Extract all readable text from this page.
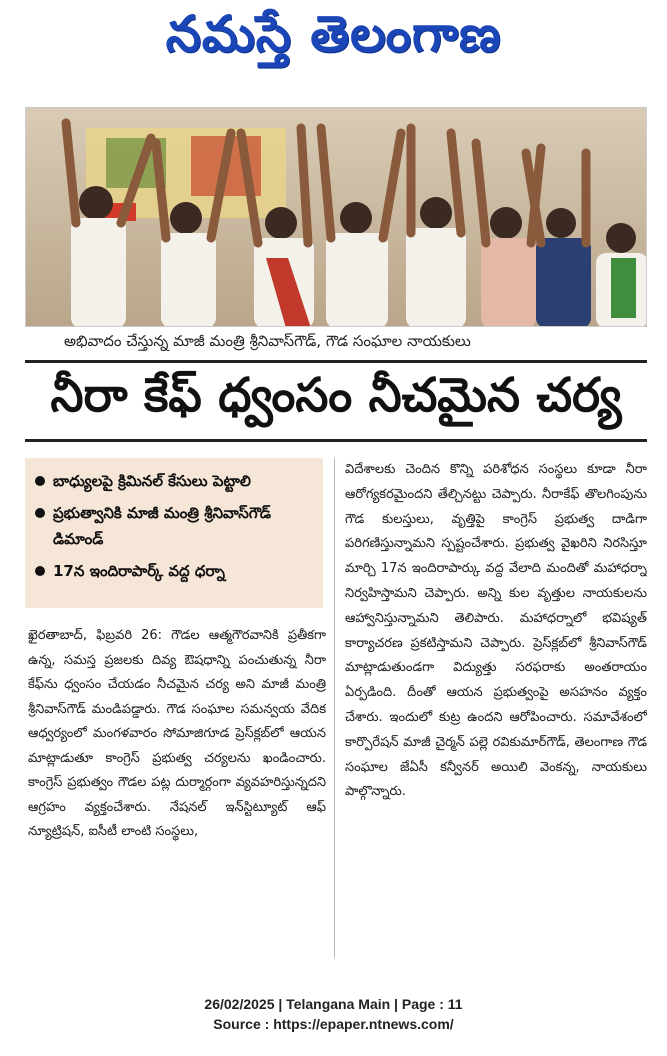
నమస్తే తెలంగాణ
అభివాదం చేస్తున్న మాజీ మంత్రి శ్రీనివాస్‌గౌడ్, గౌడ సంఘాల నాయకులు
నీరా కేఫ్ ధ్వంసం నీచమైన చర్య
బాధ్యులపై క్రిమినల్ కేసులు పెట్టాలి
ప్రభుత్వానికి మాజీ మంత్రి శ్రీనివాస్‌గౌడ్ డిమాండ్
17న ఇందిరాపార్క్ వద్ద ధర్నా
ఖైరతాబాద్, ఫిబ్రవరి 26: గౌడల ఆత్మగౌరవానికి ప్రతీకగా ఉన్న, సమస్త ప్రజలకు దివ్య ఔషధాన్ని పంచుతున్న నీరా కేఫ్‌ను ధ్వంసం చేయడం నీచమైన చర్య అని మాజీ మంత్రి శ్రీనివాస్‌గౌడ్ మండిపడ్డారు. గౌడ సంఘాల సమన్వయ వేదిక ఆధ్వర్యంలో మంగళవారం సోమాజిగూడ ప్రెస్‌క్లబ్‌లో ఆయన మాట్లాడుతూ కాంగ్రెస్ ప్రభుత్వ చర్యలను ఖండించారు. కాంగ్రెస్ ప్రభుత్వం గౌడల పట్ల దుర్మార్గంగా వ్యవహరిస్తున్నదని ఆగ్రహం వ్యక్తంచేశారు. నేషనల్ ఇన్‌స్టిట్యూట్ ఆఫ్ న్యూట్రిషన్, ఐసీటీ లాంటి సంస్థలు,
విదేశాలకు చెందిన కొన్ని పరిశోధన సంస్థలు కూడా నీరా ఆరోగ్యకరమైందని తేల్చినట్టు చెప్పారు. నీరాకేఫ్ తొలగింపును గౌడ కులస్తులు, వృత్తిపై కాంగ్రెస్ ప్రభుత్వ దాడిగా పరిగణిస్తున్నామని స్పష్టంచేశారు. ప్రభుత్వ వైఖరిని నిరసిస్తూ మార్చి 17న ఇందిరాపార్కు వద్ద వేలాది మందితో మహాధర్నా నిర్వహిస్తామని చెప్పారు. అన్ని కుల వృత్తుల నాయకులను ఆహ్వానిస్తున్నామని తెలిపారు. మహాధర్నాలో భవిష్యత్ కార్యాచరణ ప్రకటిస్తామని చెప్పారు. ప్రెస్‌క్లబ్‌లో శ్రీనివాస్‌గౌడ్ మాట్లాడుతుండగా విద్యుత్తు సరఫరాకు అంతరాయం ఏర్పడింది. దీంతో ఆయన ప్రభుత్వంపై అసహనం వ్యక్తం చేశారు. ఇందులో కుట్ర ఉందని ఆరోపించారు. సమావేశంలో కార్పొరేషన్ మాజీ చైర్మన్ పల్లె రవికుమార్‌గౌడ్, తెలంగాణ గౌడ సంఘాల జేఏసీ కన్వీనర్ అయిలి వెంకన్న, నాయకులు పాల్గొన్నారు.
26/02/2025 | Telangana Main | Page : 11
Source : https://epaper.ntnews.com/
